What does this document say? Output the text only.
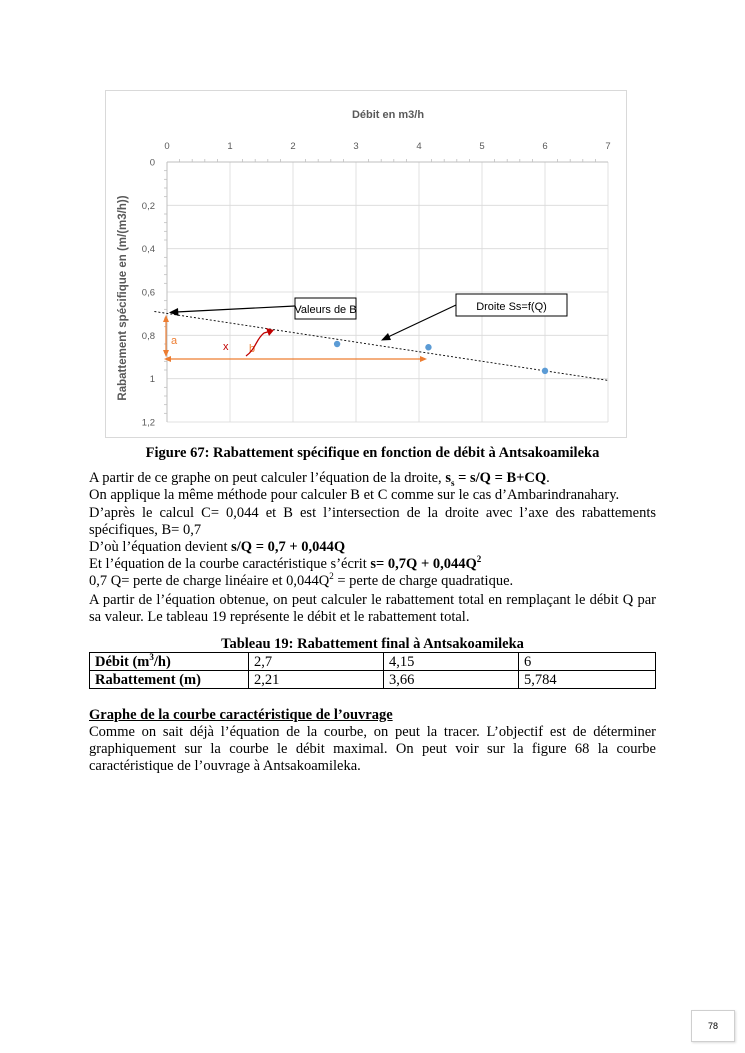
0	1	2	3	4	5	6	7
0
0,2
0,4
0,6
0,8
1
1,2
Débit en m3/h
Rabattement spécifique en (m/(m3/h))	Valeurs de B	Droite Ss=f(Q)
a
b
x
Figure 67: Rabattement spécifique en fonction de débit à Antsakoamileka
A partir de ce graphe on peut calculer l’équation de la droite, $s_s = s/Q = B+CQ$.
On applique la même méthode pour calculer B et C comme sur le cas d’Ambarindranahary.
D’après le calcul C= 0,044 et B est l’intersection de la droite avec l’axe des rabattements spécifiques, B= 0,7
D’où l’équation devient s/Q = 0,7 + 0,044Q
Et l’équation de la courbe caractéristique s’écrit $s= 0,7Q + 0,044Q^2$
0,7 Q= perte de charge linéaire et $0,044Q^2$ = perte de charge quadratique.
A partir de l’équation obtenue, on peut calculer le rabattement total en remplaçant le débit Q par sa valeur. Le tableau 19 représente le débit et le rabattement total.
Tableau 19: Rabattement final à Antsakoamileka
Débit $(m^3/h)$	2,7	4,15	6
Rabattement (m)	2,21	3,66	5,784
Graphe de la courbe caractéristique de l’ouvrage
Comme on sait déjà l’équation de la courbe, on peut la tracer. L’objectif est de déterminer graphiquement sur la courbe le débit maximal. On peut voir sur la figure 68 la courbe caractéristique de l’ouvrage à Antsakoamileka.
78
